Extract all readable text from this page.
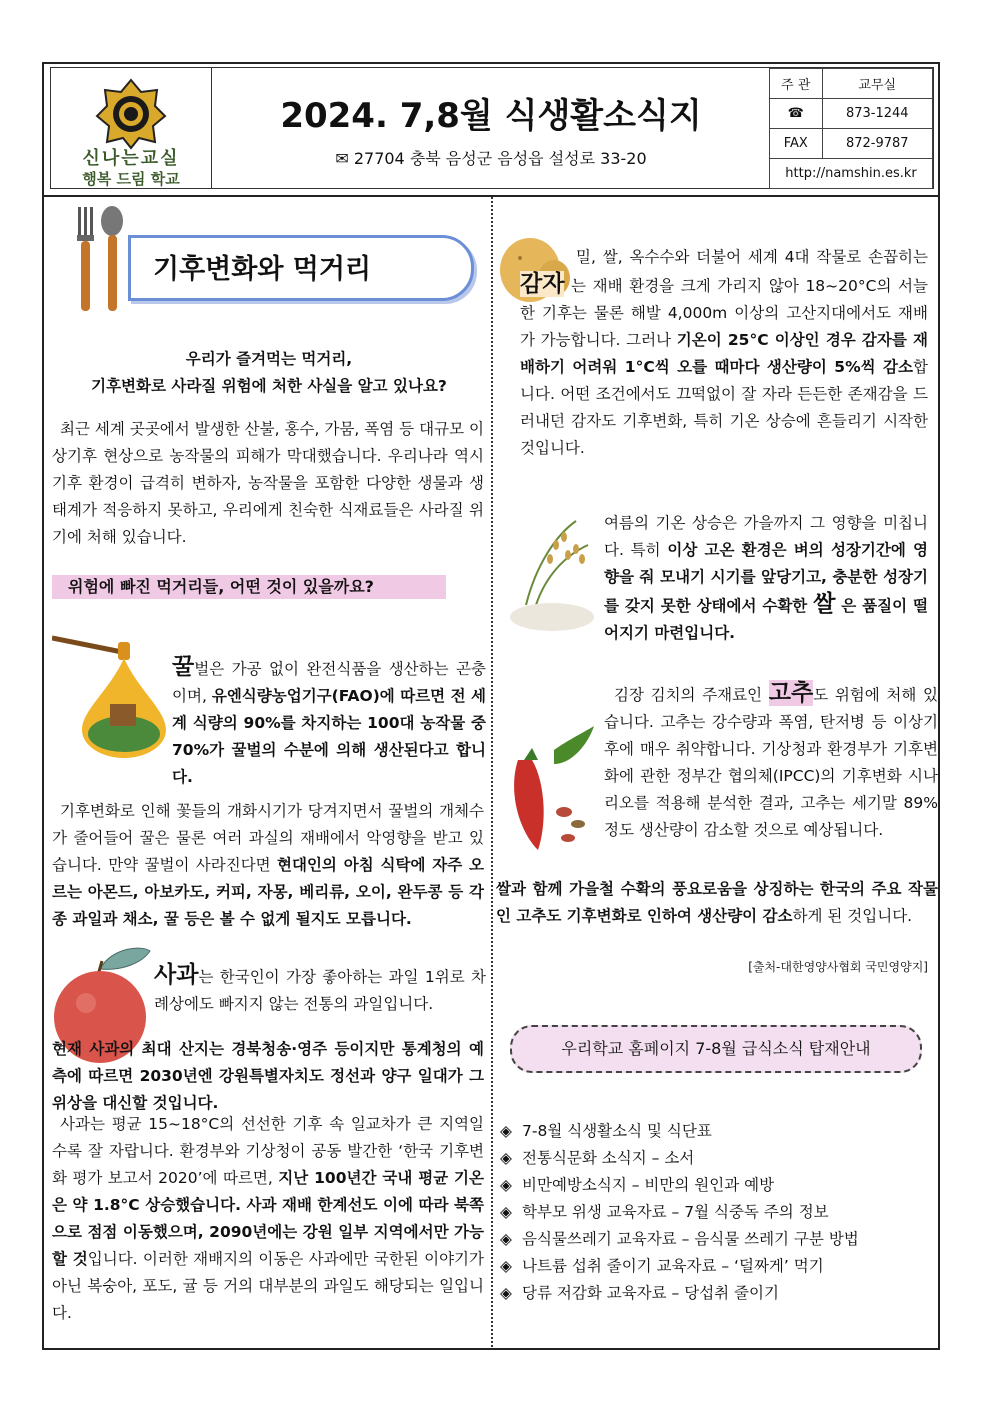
신나는교실
행복 드림 학교
2024. 7,8월 식생활소식지
✉ 27704 충북 음성군 음성읍 설성로 33-20
주 관	교무실
☎	873-1244
FAX	872-9787
http://namshin.es.kr	
기후변화와 먹거리
우리가 즐겨먹는 먹거리,
기후변화로 사라질 위험에 처한 사실을 알고 있나요?
최근 세계 곳곳에서 발생한 산불, 홍수, 가뭄, 폭염 등 대규모 이상기후 현상으로 농작물의 피해가 막대했습니다. 우리나라 역시 기후 환경이 급격히 변하자, 농작물을 포함한 다양한 생물과 생태계가 적응하지 못하고, 우리에게 친숙한 식재료들은 사라질 위기에 처해 있습니다.
위험에 빠진 먹거리들, 어떤 것이 있을까요?
꿀벌은 가공 없이 완전식품을 생산하는 곤충이며, 유엔식량농업기구(FAO)에 따르면 전 세계 식량의 90%를 차지하는 100대 농작물 중 70%가 꿀벌의 수분에 의해 생산된다고 합니다.
기후변화로 인해 꽃들의 개화시기가 당겨지면서 꿀벌의 개체수가 줄어들어 꿀은 물론 여러 과실의 재배에서 악영향을 받고 있습니다. 만약 꿀벌이 사라진다면 현대인의 아침 식탁에 자주 오르는 아몬드, 아보카도, 커피, 자몽, 베리류, 오이, 완두콩 등 각종 과일과 채소, 꿀 등은 볼 수 없게 될지도 모릅니다.
사과는 한국인이 가장 좋아하는 과일 1위로 차례상에도 빠지지 않는 전통의 과일입니다.
현재 사과의 최대 산지는 경북청송·영주 등이지만 통계청의 예측에 따르면 2030년엔 강원특별자치도 정선과 양구 일대가 그 위상을 대신할 것입니다.
사과는 평균 15~18°C의 선선한 기후 속 일교차가 큰 지역일수록 잘 자랍니다. 환경부와 기상청이 공동 발간한 ‘한국 기후변화 평가 보고서 2020’에 따르면, 지난 100년간 국내 평균 기온은 약 1.8°C 상승했습니다. 사과 재배 한계선도 이에 따라 북쪽으로 점점 이동했으며, 2090년에는 강원 일부 지역에서만 가능할 것입니다. 이러한 재배지의 이동은 사과에만 국한된 이야기가 아닌 복숭아, 포도, 귤 등 거의 대부분의 과일도 해당되는 일입니다.
밀, 쌀, 옥수수와 더불어 세계 4대 작물로 손꼽히는 감자 는 재배 환경을 크게 가리지 않아 18~20°C의 서늘한 기후는 물론 해발 4,000m 이상의 고산지대에서도 재배가 가능합니다. 그러나 기온이 25°C 이상인 경우 감자를 재배하기 어려워 1°C씩 오를 때마다 생산량이 5%씩 감소합니다. 어떤 조건에서도 끄떡없이 잘 자라 든든한 존재감을 드러내던 감자도 기후변화, 특히 기온 상승에 흔들리기 시작한 것입니다.
여름의 기온 상승은 가을까지 그 영향을 미칩니다. 특히 이상 고온 환경은 벼의 성장기간에 영향을 줘 모내기 시기를 앞당기고, 충분한 성장기를 갖지 못한 상태에서 수확한 쌀 은 품질이 떨어지기 마련입니다.
김장 김치의 주재료인 고추도 위험에 처해 있습니다. 고추는 강수량과 폭염, 탄저병 등 이상기후에 매우 취약합니다. 기상청과 환경부가 기후변화에 관한 정부간 협의체(IPCC)의 기후변화 시나리오를 적용해 분석한 결과, 고추는 세기말 89% 정도 생산량이 감소할 것으로 예상됩니다.
쌀과 함께 가을철 수확의 풍요로움을 상징하는 한국의 주요 작물인 고추도 기후변화로 인하여 생산량이 감소하게 된 것입니다.
[출처-대한영양사협회 국민영양지]
우리학교 홈페이지 7-8월 급식소식 탑재안내
◈ 7-8월 식생활소식 및 식단표
◈ 전통식문화 소식지 – 소서
◈ 비만예방소식지 – 비만의 원인과 예방
◈ 학부모 위생 교육자료 – 7월 식중독 주의 정보
◈ 음식물쓰레기 교육자료 – 음식물 쓰레기 구분 방법
◈ 나트륨 섭취 줄이기 교육자료 – ‘덜짜게’ 먹기
◈ 당류 저감화 교육자료 – 당섭취 줄이기
